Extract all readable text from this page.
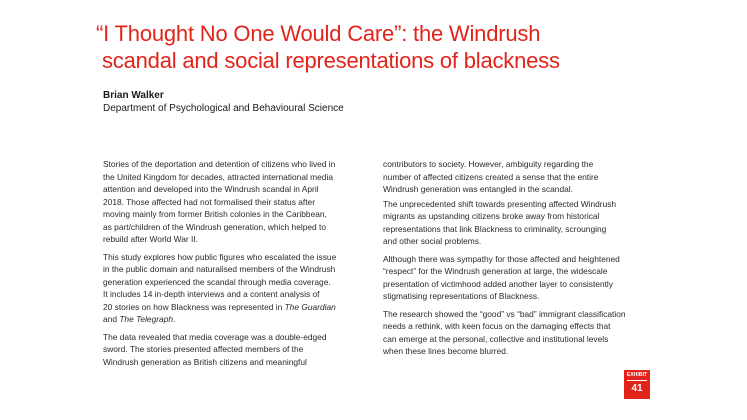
“I Thought No One Would Care”: the Windrush
scandal and social representations of blackness
Brian Walker
Department of Psychological and Behavioural Science

Stories of the deportation and detention of citizens who lived in

the United Kingdom for decades, attracted international media

attention and developed into the Windrush scandal in April

2018. Those affected had not formalised their status after

moving mainly from former British colonies in the Caribbean,

as part/children of the Windrush generation, which helped to

rebuild after World War II.

This study explores how public figures who escalated the issue

in the public domain and naturalised members of the Windrush

generation experienced the scandal through media coverage.

It includes 14 in-depth interviews and a content analysis of

20 stories on how Blackness was represented in The Guardian

and The Telegraph.

The data revealed that media coverage was a double-edged

sword. The stories presented affected members of the

Windrush generation as British citizens and meaningful

contributors to society. However, ambiguity regarding the

number of affected citizens created a sense that the entire

Windrush generation was entangled in the scandal.

The unprecedented shift towards presenting affected Windrush

migrants as upstanding citizens broke away from historical

representations that link Blackness to criminality, scrounging

and other social problems.

Although there was sympathy for those affected and heightened

“respect” for the Windrush generation at large, the widescale

presentation of victimhood added another layer to consistently

stigmatising representations of Blackness.

The research showed the “good” vs “bad” immigrant classification

needs a rethink, with keen focus on the damaging effects that

can emerge at the personal, collective and institutional levels

when these lines become blurred.

EXHIBIT
41
